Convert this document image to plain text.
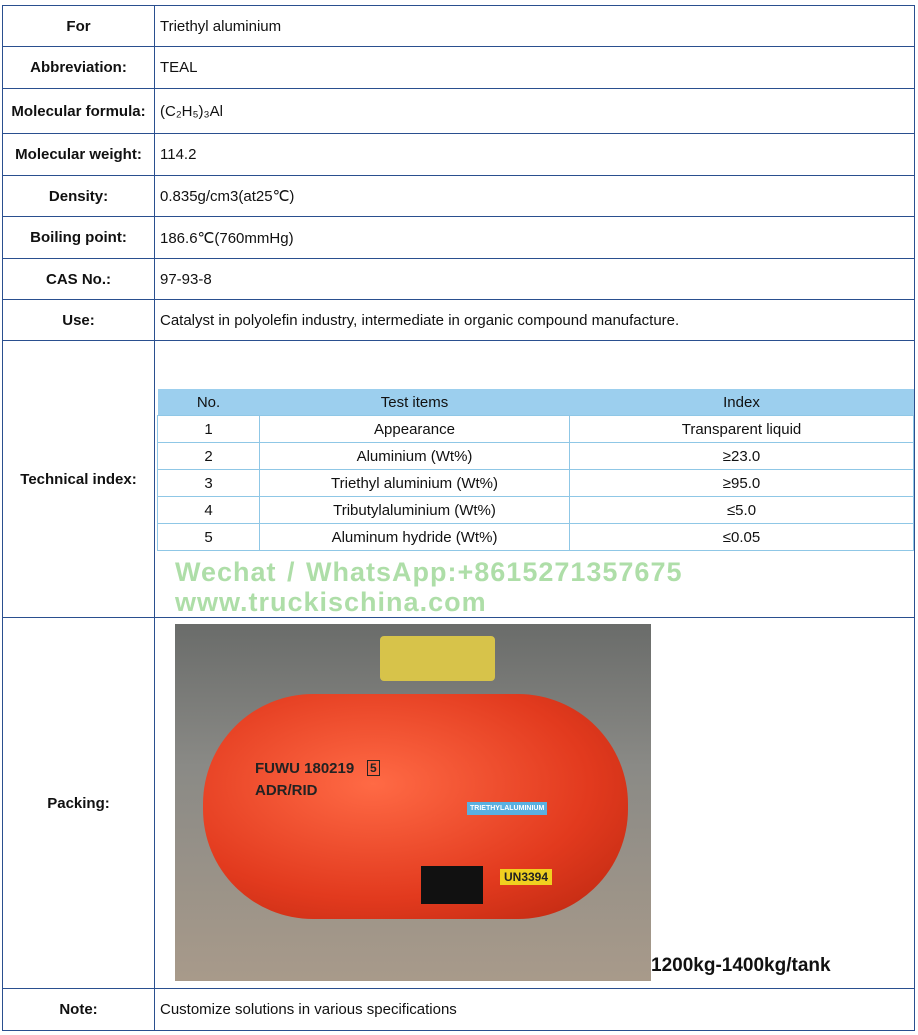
For	Triethyl aluminium
Abbreviation:	TEAL
Molecular formula:	(C₂H₅)₃Al
Molecular weight:	114.2
Density:	0.835g/cm3(at25℃)
Boiling point:	186.6℃(760mmHg)
CAS No.:	97-93-8
Use:	Catalyst in polyolefin industry, intermediate in organic compound manufacture.
Technical index:	
No.	Test items	Index
1	Appearance	Transparent liquid
2	Aluminium (Wt%)	≥23.0
3	Triethyl aluminium (Wt%)	≥95.0
4	Tributylaluminium (Wt%)	≤5.0
5	Aluminum hydride (Wt%)	≤0.05
Wechat / WhatsApp:+8615271357675 www.truckischina.com

Packing:	
FUWU 180219 5
ADR/RID
TRIETHYLALUMINIUM
UN3394
1200kg-1400kg/tank
Note:	Customize solutions in various specifications
